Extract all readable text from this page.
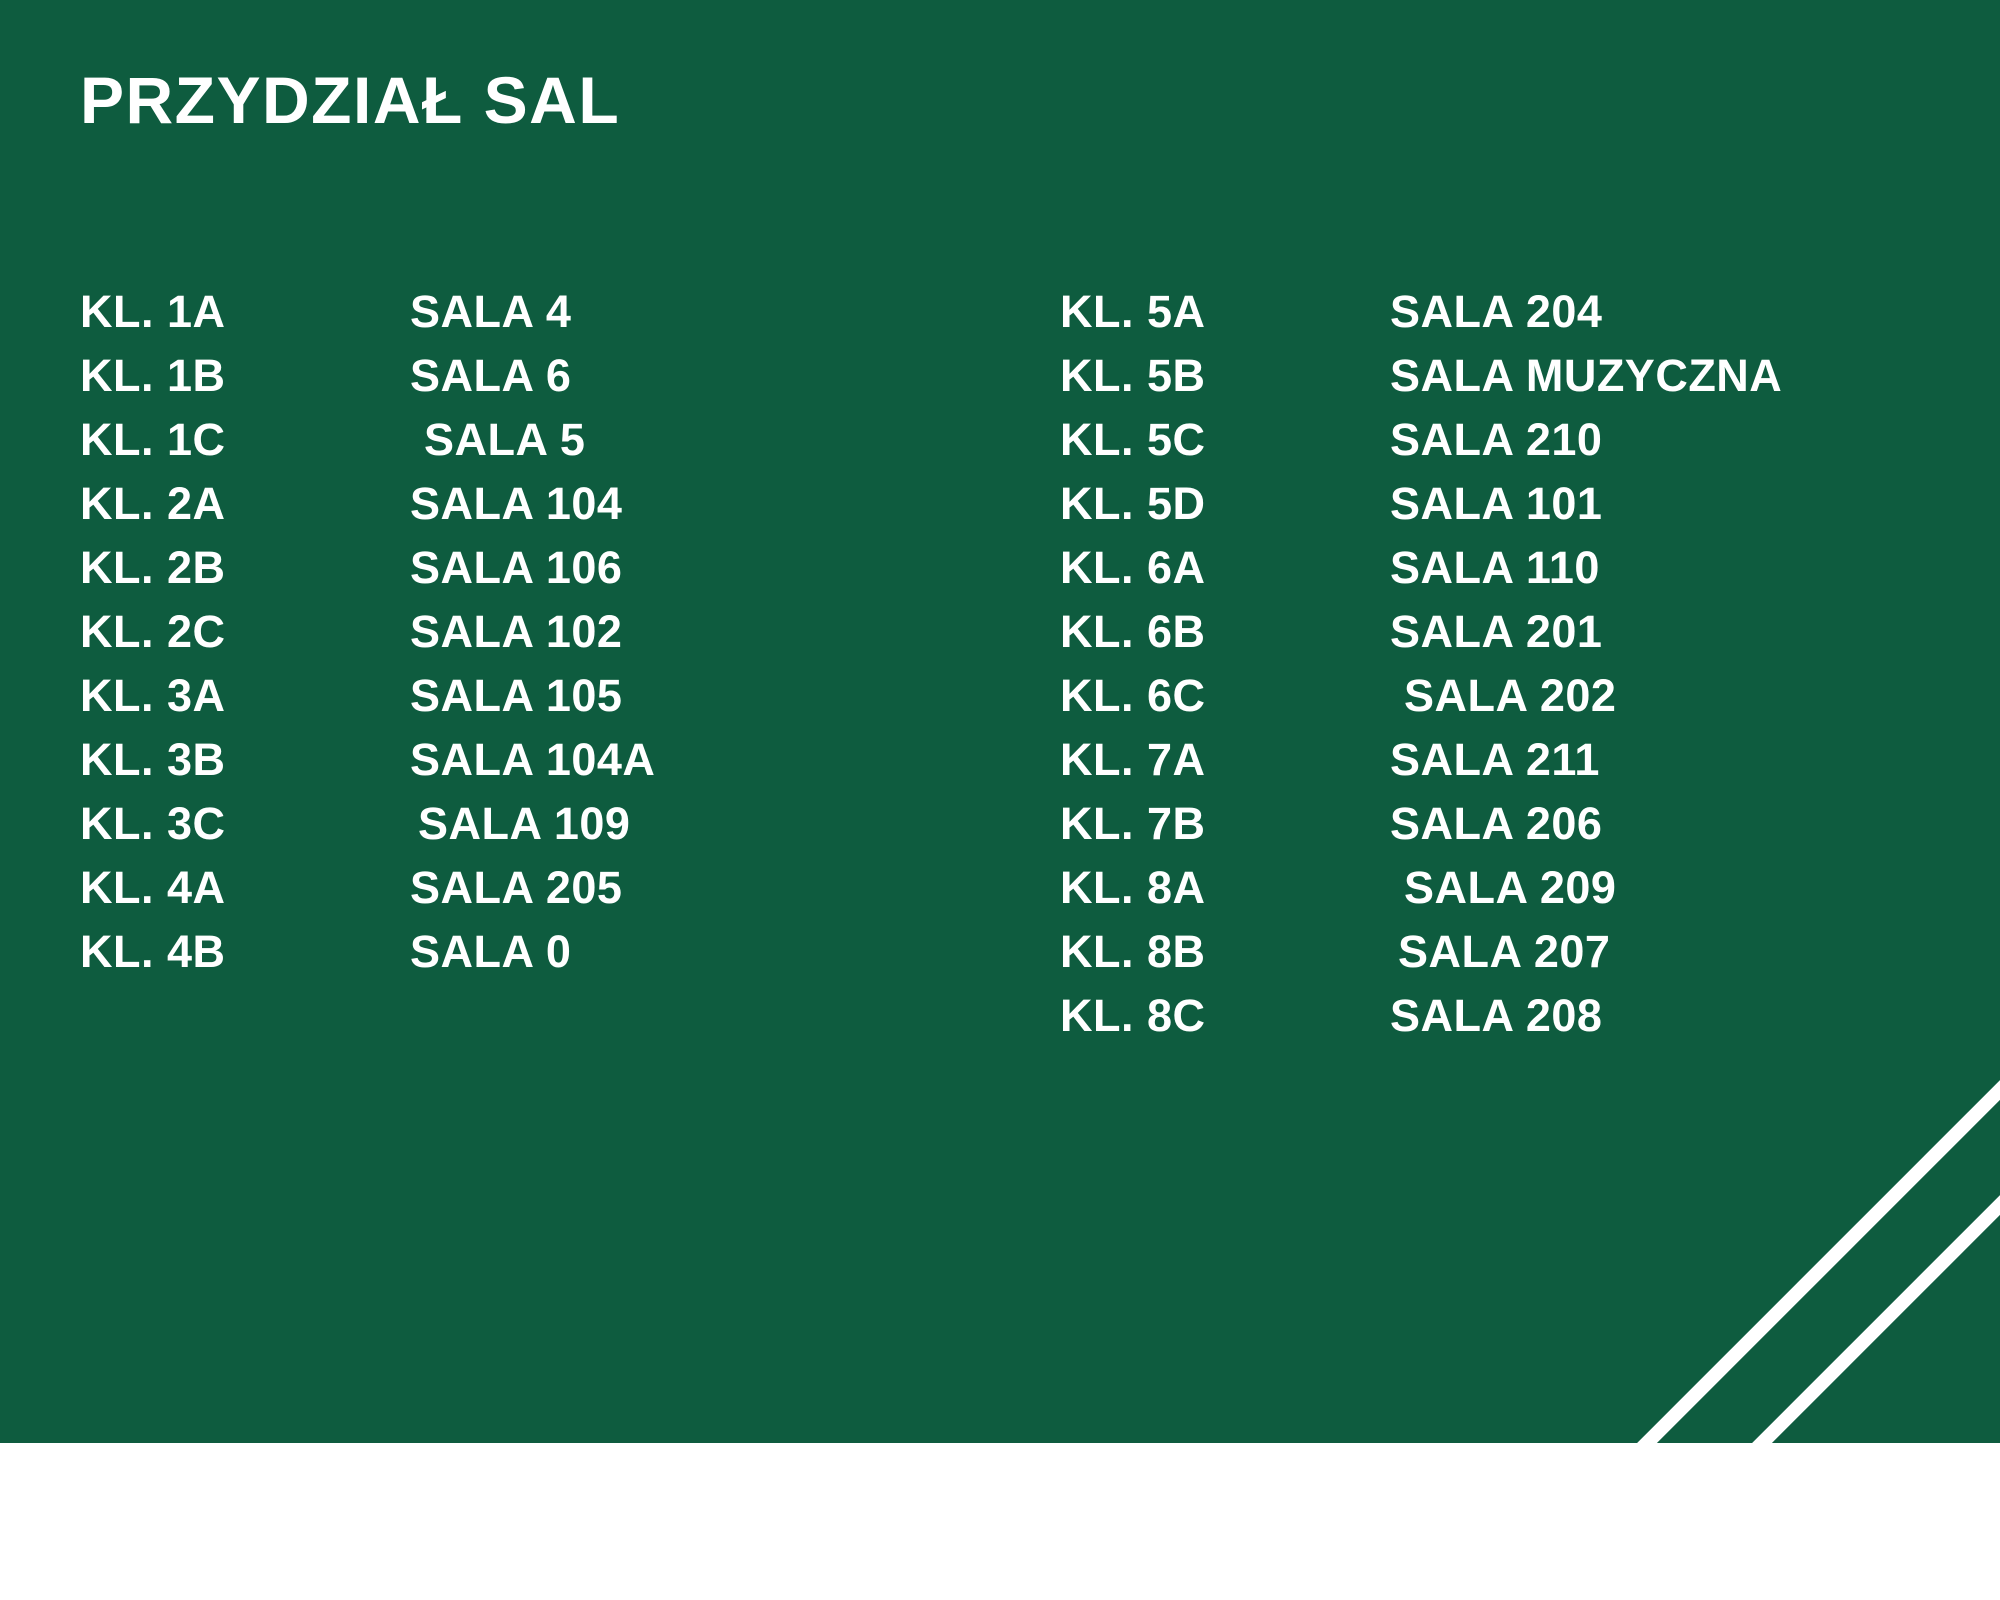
PRZYDZIAŁ SAL
KL. 1A	SALA 4
KL. 1B	SALA 6
KL. 1C	SALA 5
KL. 2A	SALA 104
KL. 2B	SALA 106
KL. 2C	SALA 102
KL. 3A	SALA 105
KL. 3B	SALA 104A
KL. 3C	SALA 109
KL. 4A	SALA 205
KL. 4B	SALA 0
KL. 5A	SALA 204
KL. 5B	SALA MUZYCZNA
KL. 5C	SALA 210
KL. 5D	SALA 101
KL. 6A	SALA 110
KL. 6B	SALA 201
KL. 6C	SALA 202
KL. 7A	SALA 211
KL. 7B	SALA 206
KL. 8A	SALA 209
KL. 8B	SALA 207
KL. 8C	SALA 208
